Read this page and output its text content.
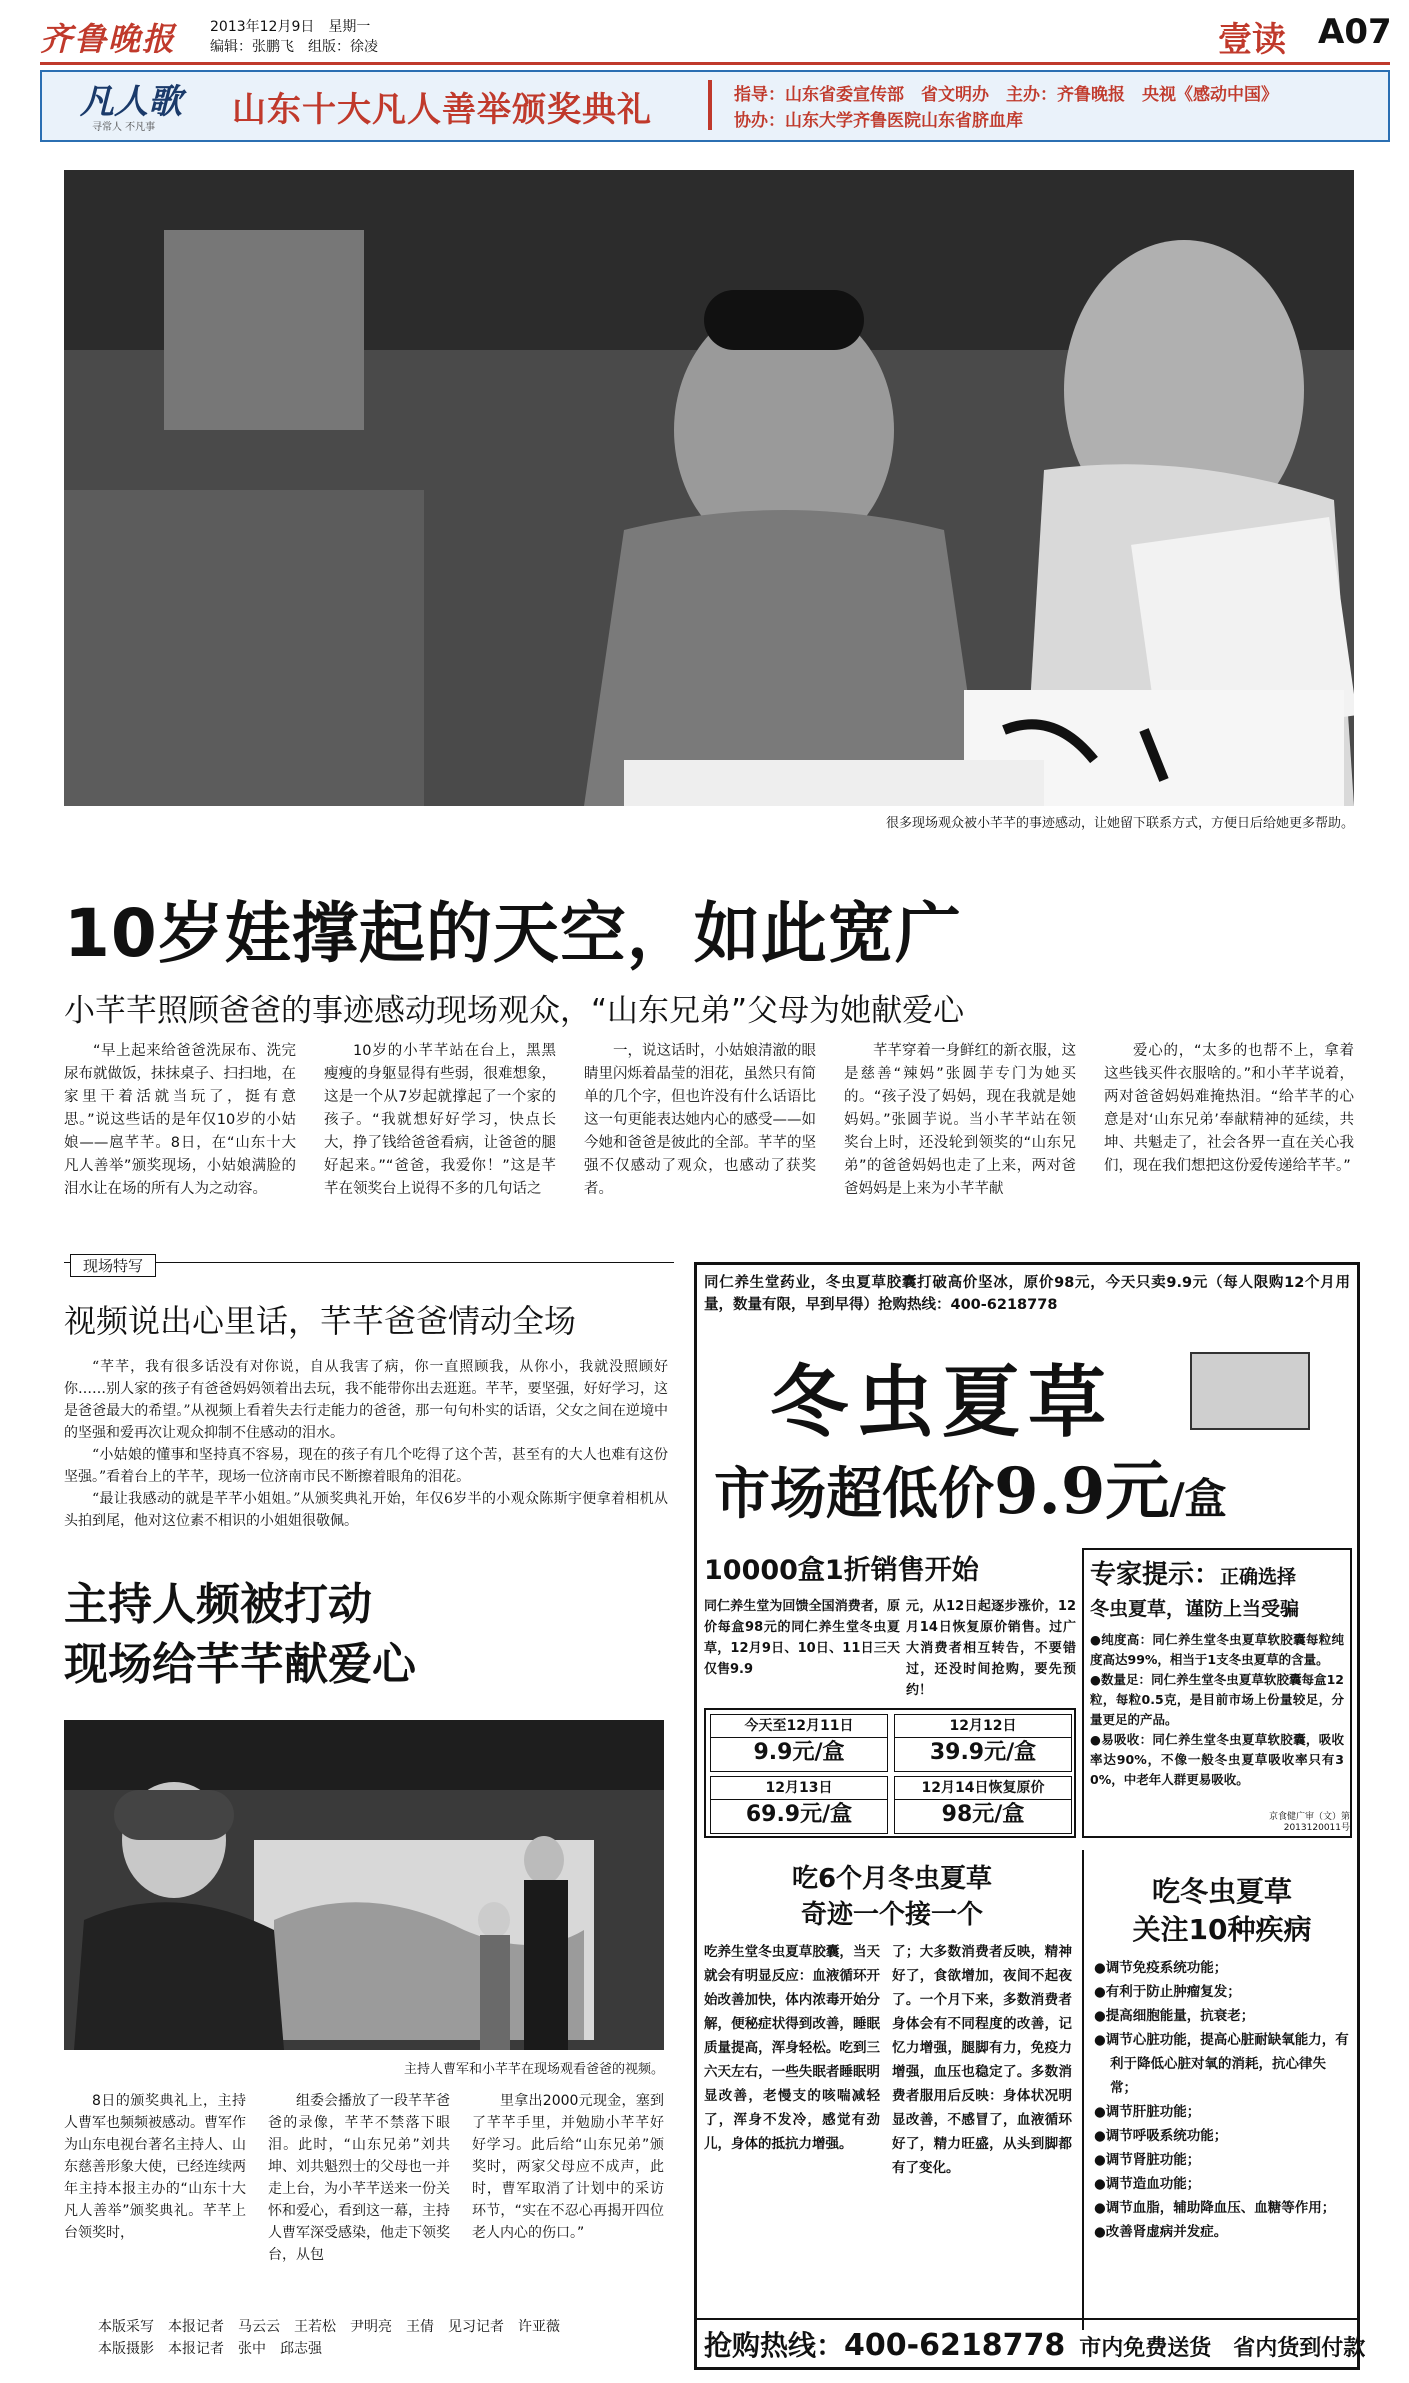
齐鲁晚报 2013年12月9日　星期一
编辑：张鹏飞　组版：徐凌	壹读 A07
凡人歌
寻常人 不凡事 山东十大凡人善举颁奖典礼	指导：山东省委宣传部　省文明办　主办：齐鲁晚报　央视《感动中国》
协办：山东大学齐鲁医院山东省脐血库
很多现场观众被小芊芊的事迹感动，让她留下联系方式，方便日后给她更多帮助。
10岁娃撑起的天空，如此宽广
小芊芊照顾爸爸的事迹感动现场观众，“山东兄弟”父母为她献爱心

“早上起来给爸爸洗尿布、洗完尿布就做饭，抹抹桌子、扫扫地，在家里干着活就当玩了，挺有意思。”说这些话的是年仅10岁的小姑娘——扈芊芊。8日，在“山东十大凡人善举”颁奖现场，小姑娘满脸的泪水让在场的所有人为之动容。

10岁的小芊芊站在台上，黑黑瘦瘦的身躯显得有些弱，很难想象，这是一个从7岁起就撑起了一个家的孩子。“我就想好好学习，快点长大，挣了钱给爸爸看病，让爸爸的腿好起来。”“爸爸，我爱你！”这是芊芊在领奖台上说得不多的几句话之

一，说这话时，小姑娘清澈的眼睛里闪烁着晶莹的泪花，虽然只有简单的几个字，但也许没有什么话语比这一句更能表达她内心的感受——如今她和爸爸是彼此的全部。芊芊的坚强不仅感动了观众，也感动了获奖者。

芊芊穿着一身鲜红的新衣服，这是慈善“辣妈”张圆芋专门为她买的。“孩子没了妈妈，现在我就是她妈妈。”张圆芋说。当小芊芊站在领奖台上时，还没轮到领奖的“山东兄弟”的爸爸妈妈也走了上来，两对爸爸妈妈是上来为小芊芊献

爱心的，“太多的也帮不上，拿着这些钱买件衣服啥的。”和小芊芊说着，两对爸爸妈妈难掩热泪。“给芊芊的心意是对‘山东兄弟’奉献精神的延续，共坤、共魁走了，社会各界一直在关心我们，现在我们想把这份爱传递给芊芊。”

现场特写
视频说出心里话，芊芊爸爸情动全场

“芊芊，我有很多话没有对你说，自从我害了病，你一直照顾我，从你小，我就没照顾好你……别人家的孩子有爸爸妈妈领着出去玩，我不能带你出去逛逛。芊芊，要坚强，好好学习，这是爸爸最大的希望。”从视频上看着失去行走能力的爸爸，那一句句朴实的话语，父女之间在逆境中的坚强和爱再次让观众抑制不住感动的泪水。

“小姑娘的懂事和坚持真不容易，现在的孩子有几个吃得了这个苦，甚至有的大人也难有这份坚强。”看着台上的芊芊，现场一位济南市民不断擦着眼角的泪花。

“最让我感动的就是芊芊小姐姐。”从颁奖典礼开始，年仅6岁半的小观众陈斯宇便拿着相机从头拍到尾，他对这位素不相识的小姐姐很敬佩。

主持人频被打动
现场给芊芊献爱心
主持人曹军和小芊芊在现场观看爸爸的视频。

8日的颁奖典礼上，主持人曹军也频频被感动。曹军作为山东电视台著名主持人、山东慈善形象大使，已经连续两年主持本报主办的“山东十大凡人善举”颁奖典礼。芊芊上台领奖时，

组委会播放了一段芊芊爸爸的录像，芊芊不禁落下眼泪。此时，“山东兄弟”刘共坤、刘共魁烈士的父母也一并走上台，为小芊芊送来一份关怀和爱心，看到这一幕，主持人曹军深受感染，他走下领奖台，从包

里拿出2000元现金，塞到了芊芊手里，并勉励小芊芊好好学习。此后给“山东兄弟”颁奖时，两家父母应不成声，此时，曹军取消了计划中的采访环节，“实在不忍心再揭开四位老人内心的伤口。”

本版采写　本报记者　马云云　王若松　尹明亮　王倩　见习记者　许亚薇
本版摄影　本报记者　张中　邱志强
同仁养生堂药业，冬虫夏草胶囊打破高价坚冰，原价98元，今天只卖9.9元（每人限购12个月用量，数量有限，早到早得）抢购热线：400-6218778
冬虫夏草
市场超低价9.9元/盒
10000盒1折销售开始
同仁养生堂为回馈全国消费者，原价每盒98元的同仁养生堂冬虫夏草，12月9日、10日、11日三天仅售9.9
元，从12日起逐步涨价，12月14日恢复原价销售。过广大消费者相互转告，不要错过，还没时间抢购，要先预约！
今天至12月11日
9.9元/盒
12月12日
39.9元/盒
12月13日
69.9元/盒
12月14日恢复原价
98元/盒
专家提示：正确选择
冬虫夏草，谨防上当受骗
●纯度高：同仁养生堂冬虫夏草软胶囊每粒纯度高达99%，相当于1支冬虫夏草的含量。
●数量足：同仁养生堂冬虫夏草软胶囊每盒12粒，每粒0.5克，是目前市场上份量较足，分量更足的产品。
●易吸收：同仁养生堂冬虫夏草软胶囊，吸收率达90%，不像一般冬虫夏草吸收率只有30%，中老年人群更易吸收。
京食健广审（文）第2013120011号
吃6个月冬虫夏草
奇迹一个接一个
吃养生堂冬虫夏草胶囊，当天就会有明显反应：血液循环开始改善加快，体内浓毒开始分解，便秘症状得到改善，睡眠质量提高，浑身轻松。吃到三六天左右，一些失眠者睡眠明显改善，老慢支的咳喘减轻了，浑身不发冷，感觉有劲儿，身体的抵抗力增强。
了；大多数消费者反映，精神好了，食欲增加，夜间不起夜了。一个月下来，多数消费者身体会有不同程度的改善，记忆力增强，腿脚有力，免疫力增强，血压也稳定了。多数消费者服用后反映：身体状况明显改善，不感冒了，血液循环好了，精力旺盛，从头到脚都有了变化。
吃冬虫夏草
关注10种疾病
●调节免疫系统功能；
●有利于防止肿瘤复发；
●提高细胞能量，抗衰老；
●调节心脏功能，提高心脏耐缺氧能力，有利于降低心脏对氧的消耗，抗心律失常；
●调节肝脏功能；
●调节呼吸系统功能；
●调节肾脏功能；
●调节造血功能；
●调节血脂，辅助降血压、血糖等作用；
●改善肾虚病并发症。
抢购热线：400-6218778 市内免费送货　省内货到付款
